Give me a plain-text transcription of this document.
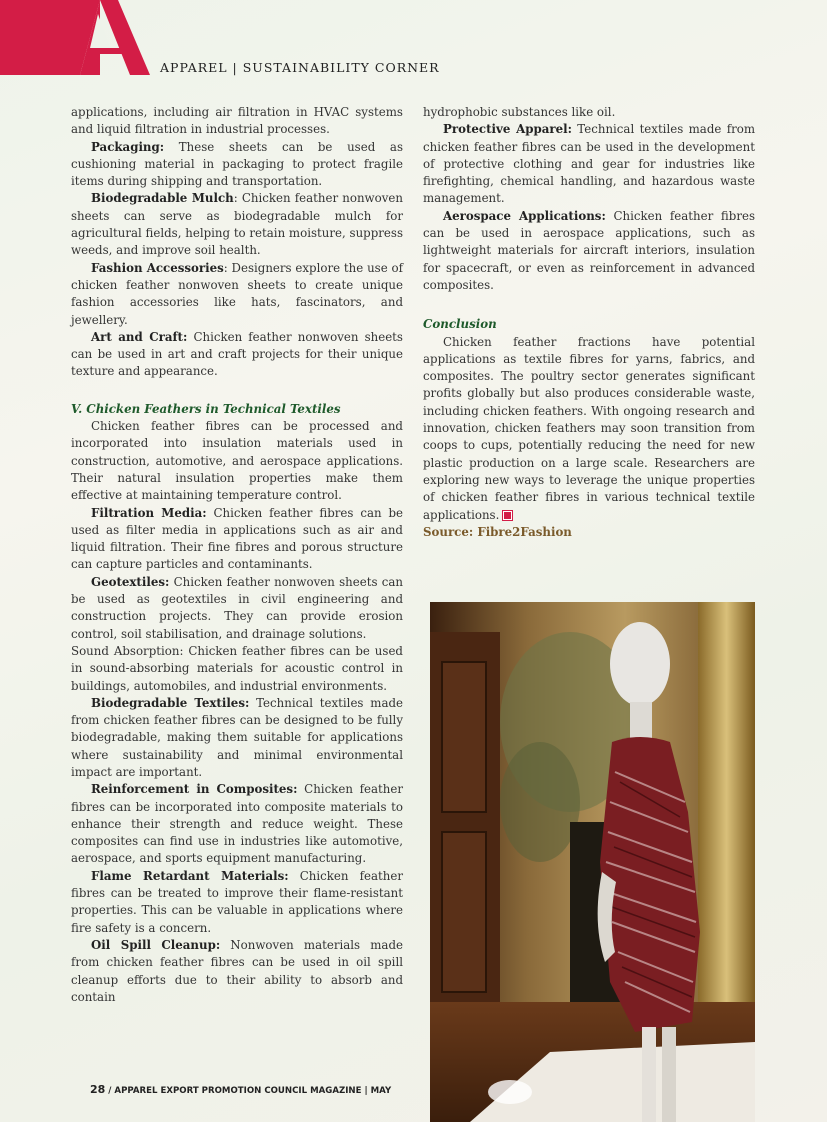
APPAREL | SUSTAINABILITY CORNER

applications, including air filtration in HVAC systems and liquid filtration in industrial processes.

Packaging: These sheets can be used as cushioning material in packaging to protect fragile items during shipping and transportation.

Biodegradable Mulch: Chicken feather nonwoven sheets can serve as biodegradable mulch for agricultural fields, helping to retain moisture, suppress weeds, and improve soil health.

Fashion Accessories: Designers explore the use of chicken feather nonwoven sheets to create unique fashion accessories like hats, fascinators, and jewellery.

Art and Craft: Chicken feather nonwoven sheets can be used in art and craft projects for their unique texture and appearance.

V. Chicken Feathers in Technical Textiles

Chicken feather fibres can be processed and incorporated into insulation materials used in construction, automotive, and aerospace applications. Their natural insulation properties make them effective at maintaining temperature control.

Filtration Media: Chicken feather fibres can be used as filter media in applications such as air and liquid filtration. Their fine fibres and porous structure can capture particles and contaminants.

Geotextiles: Chicken feather nonwoven sheets can be used as geotextiles in civil engineering and construction projects. They can provide erosion control, soil stabilisation, and drainage solutions.

Sound Absorption: Chicken feather fibres can be used in sound-absorbing materials for acoustic control in buildings, automobiles, and industrial environments.

Biodegradable Textiles: Technical textiles made from chicken feather fibres can be designed to be fully biodegradable, making them suitable for applications where sustainability and minimal environmental impact are important.

Reinforcement in Composites: Chicken feather fibres can be incorporated into composite materials to enhance their strength and reduce weight. These composites can find use in industries like automotive, aerospace, and sports equipment manufacturing.

Flame Retardant Materials: Chicken feather fibres can be treated to improve their flame-resistant properties. This can be valuable in applications where fire safety is a concern.

Oil Spill Cleanup: Nonwoven materials made from chicken feather fibres can be used in oil spill cleanup efforts due to their ability to absorb and contain

hydrophobic substances like oil.

Protective Apparel: Technical textiles made from chicken feather fibres can be used in the development of protective clothing and gear for industries like firefighting, chemical handling, and hazardous waste management.

Aerospace Applications: Chicken feather fibres can be used in aerospace applications, such as lightweight materials for aircraft interiors, insulation for spacecraft, or even as reinforcement in advanced composites.

Conclusion

Chicken feather fractions have potential applications as textile fibres for yarns, fabrics, and composites. The poultry sector generates significant profits globally but also produces considerable waste, including chicken feathers. With ongoing research and innovation, chicken feathers may soon transition from coops to cups, potentially reducing the need for new plastic production on a large scale. Researchers are exploring new ways to leverage the unique properties of chicken feather fibres in various technical textile applications.

Source: Fibre2Fashion

28 / APPAREL EXPORT PROMOTION COUNCIL MAGAZINE | MAY
